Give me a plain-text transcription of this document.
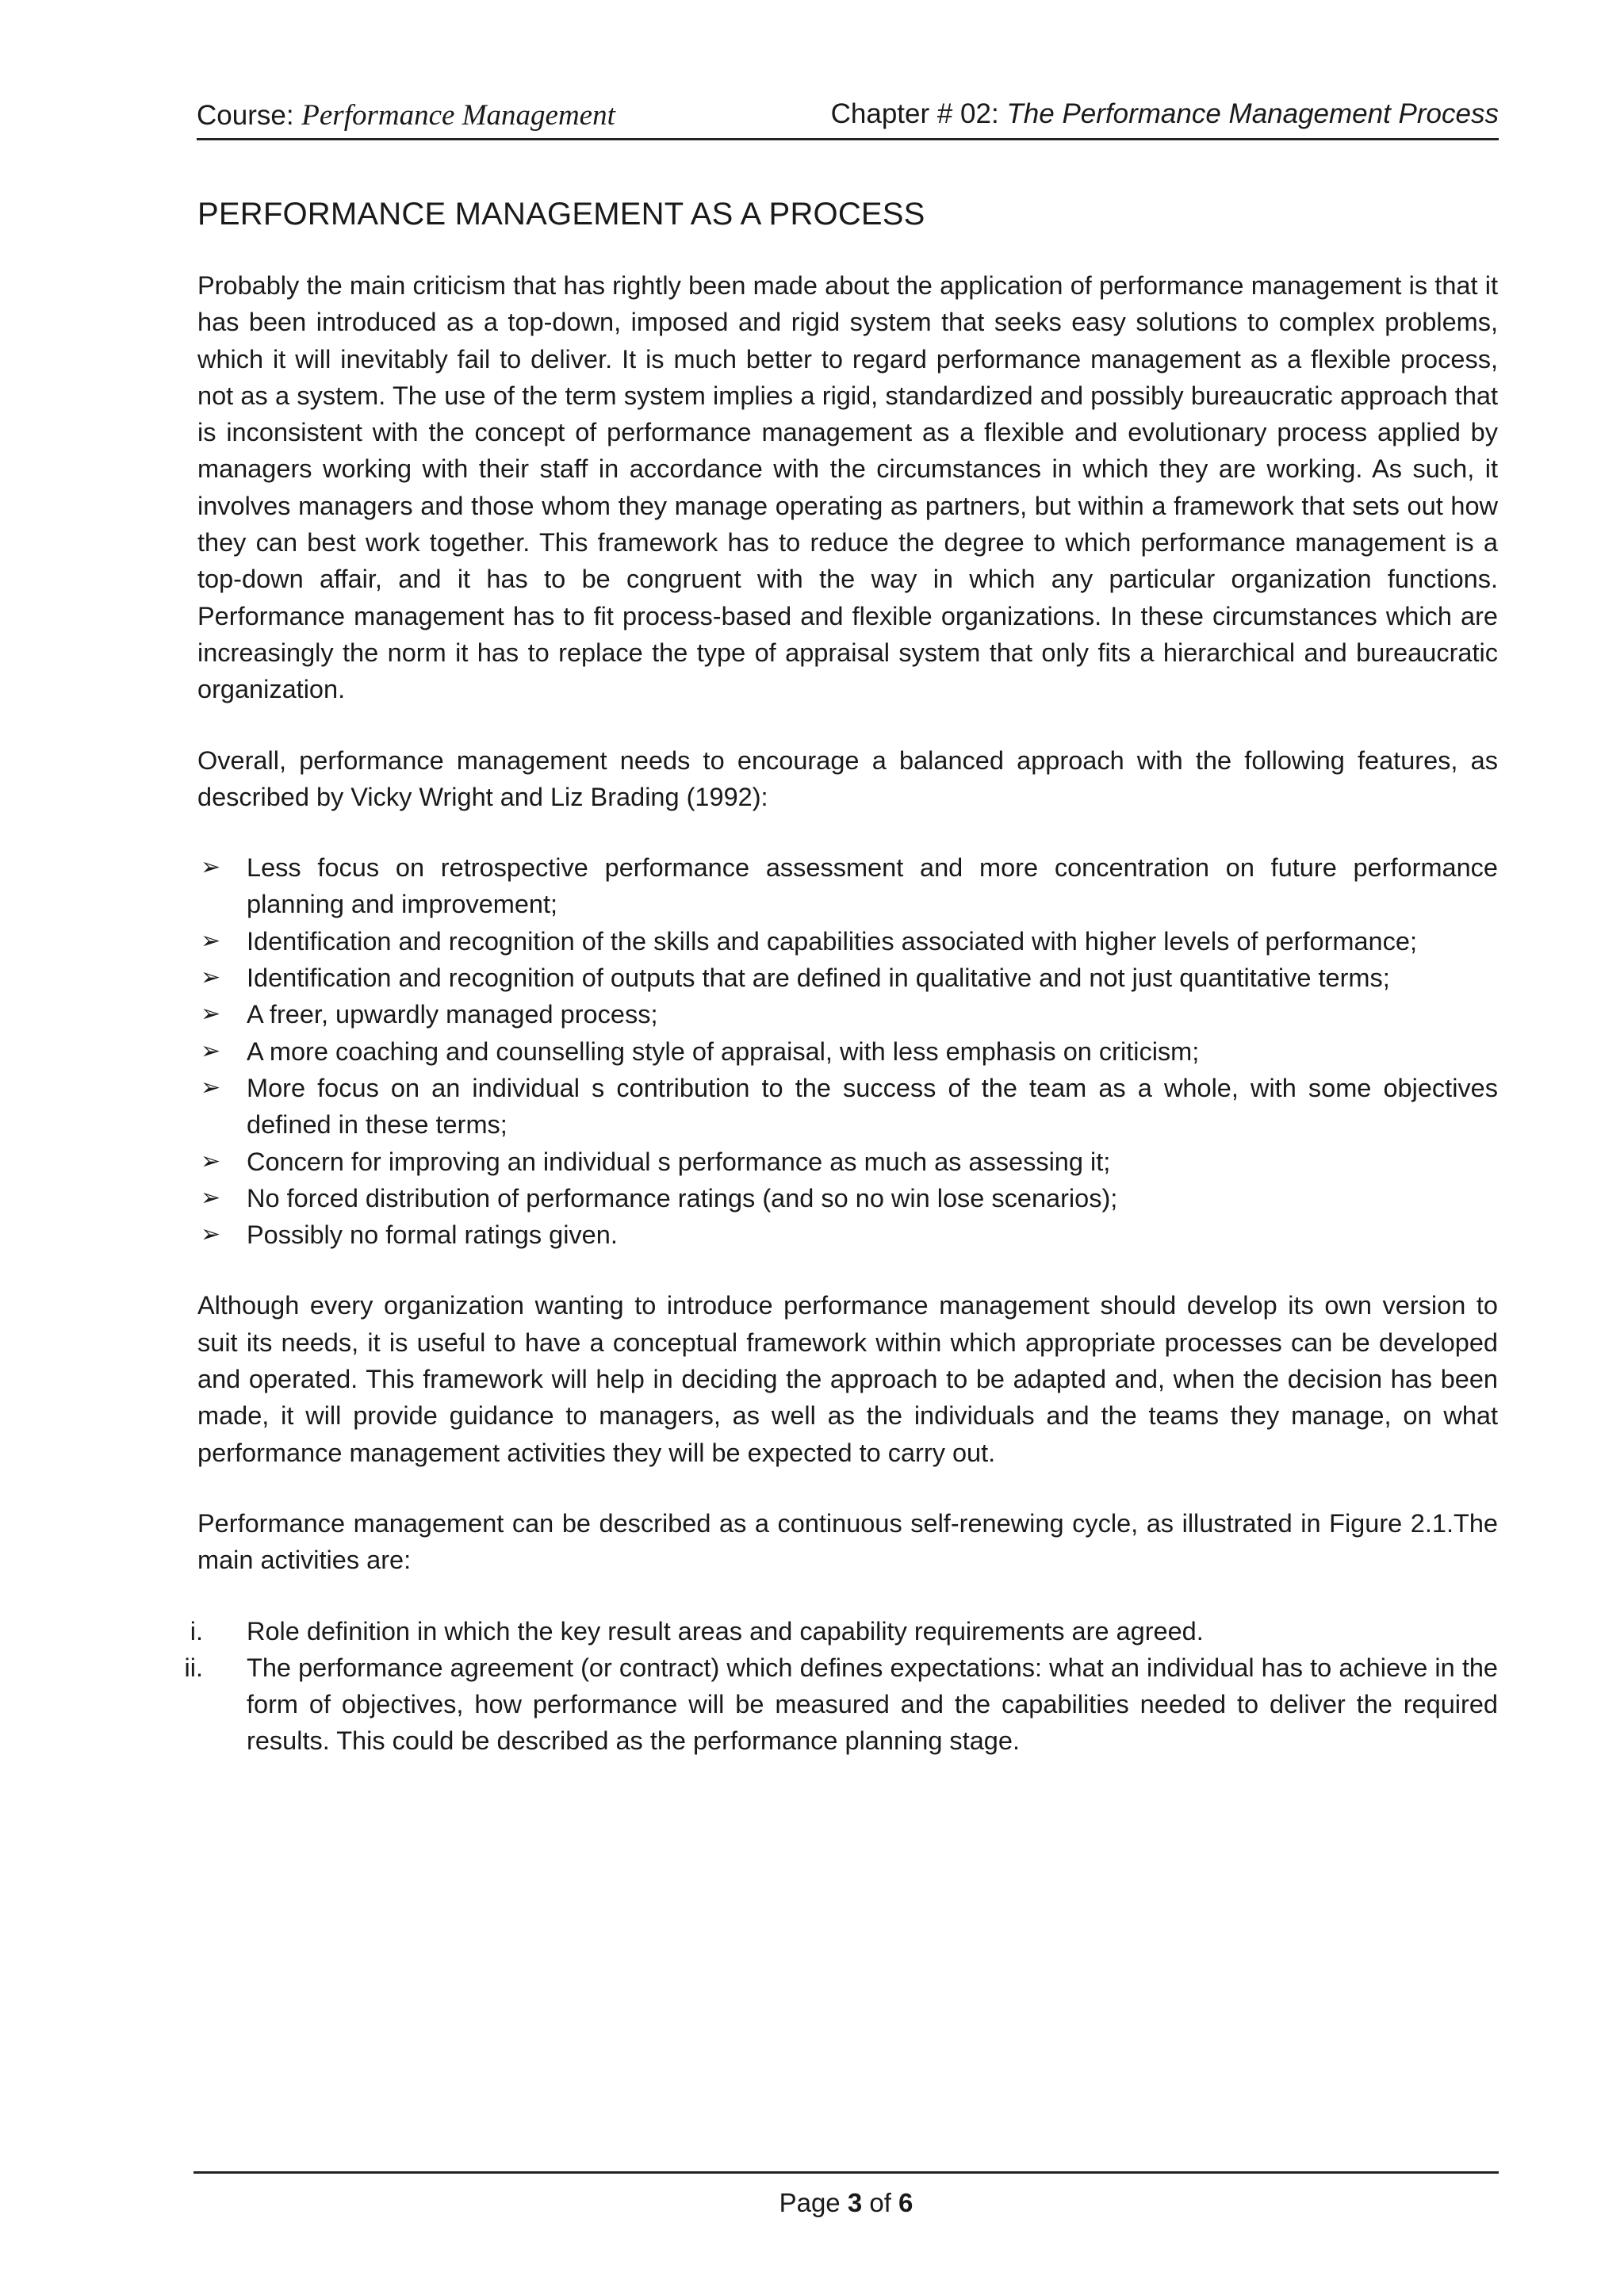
Course: Performance Management	Chapter # 02: The Performance Management Process
PERFORMANCE MANAGEMENT AS A PROCESS

Probably the main criticism that has rightly been made about the application of performance management is that it has been introduced as a top-down, imposed and rigid system that seeks easy solutions to complex problems, which it will inevitably fail to deliver. It is much better to regard performance management as a flexible process, not as a system. The use of the term system implies a rigid, standardized and possibly bureaucratic approach that is inconsistent with the concept of performance management as a flexible and evolutionary process applied by managers working with their staff in accordance with the circumstances in which they are working. As such, it involves managers and those whom they manage operating as partners, but within a framework that sets out how they can best work together. This framework has to reduce the degree to which performance management is a top-down affair, and it has to be congruent with the way in which any particular organization functions. Performance management has to fit process-based and flexible organizations. In these circumstances which are increasingly the norm it has to replace the type of appraisal system that only fits a hierarchical and bureaucratic organization.

Overall, performance management needs to encourage a balanced approach with the following features, as described by Vicky Wright and Liz Brading (1992):

➢ Less focus on retrospective performance assessment and more concentration on future performance planning and improvement;
➢ Identification and recognition of the skills and capabilities associated with higher levels of performance;
➢ Identification and recognition of outputs that are defined in qualitative and not just quantitative terms;
➢ A freer, upwardly managed process;
➢ A more coaching and counselling style of appraisal, with less emphasis on criticism;
➢ More focus on an individual s contribution to the success of the team as a whole, with some objectives defined in these terms;
➢ Concern for improving an individual s performance as much as assessing it;
➢ No forced distribution of performance ratings (and so no win lose scenarios);
➢ Possibly no formal ratings given.

Although every organization wanting to introduce performance management should develop its own version to suit its needs, it is useful to have a conceptual framework within which appropriate processes can be developed and operated. This framework will help in deciding the approach to be adapted and, when the decision has been made, it will provide guidance to managers, as well as the individuals and the teams they manage, on what performance management activities they will be expected to carry out.

Performance management can be described as a continuous self-renewing cycle, as illustrated in Figure 2.1.The main activities are:

i. Role definition in which the key result areas and capability requirements are agreed.
ii. The performance agreement (or contract) which defines expectations: what an individual has to achieve in the form of objectives, how performance will be measured and the capabilities needed to deliver the required results. This could be described as the performance planning stage.
Page 3 of 6
